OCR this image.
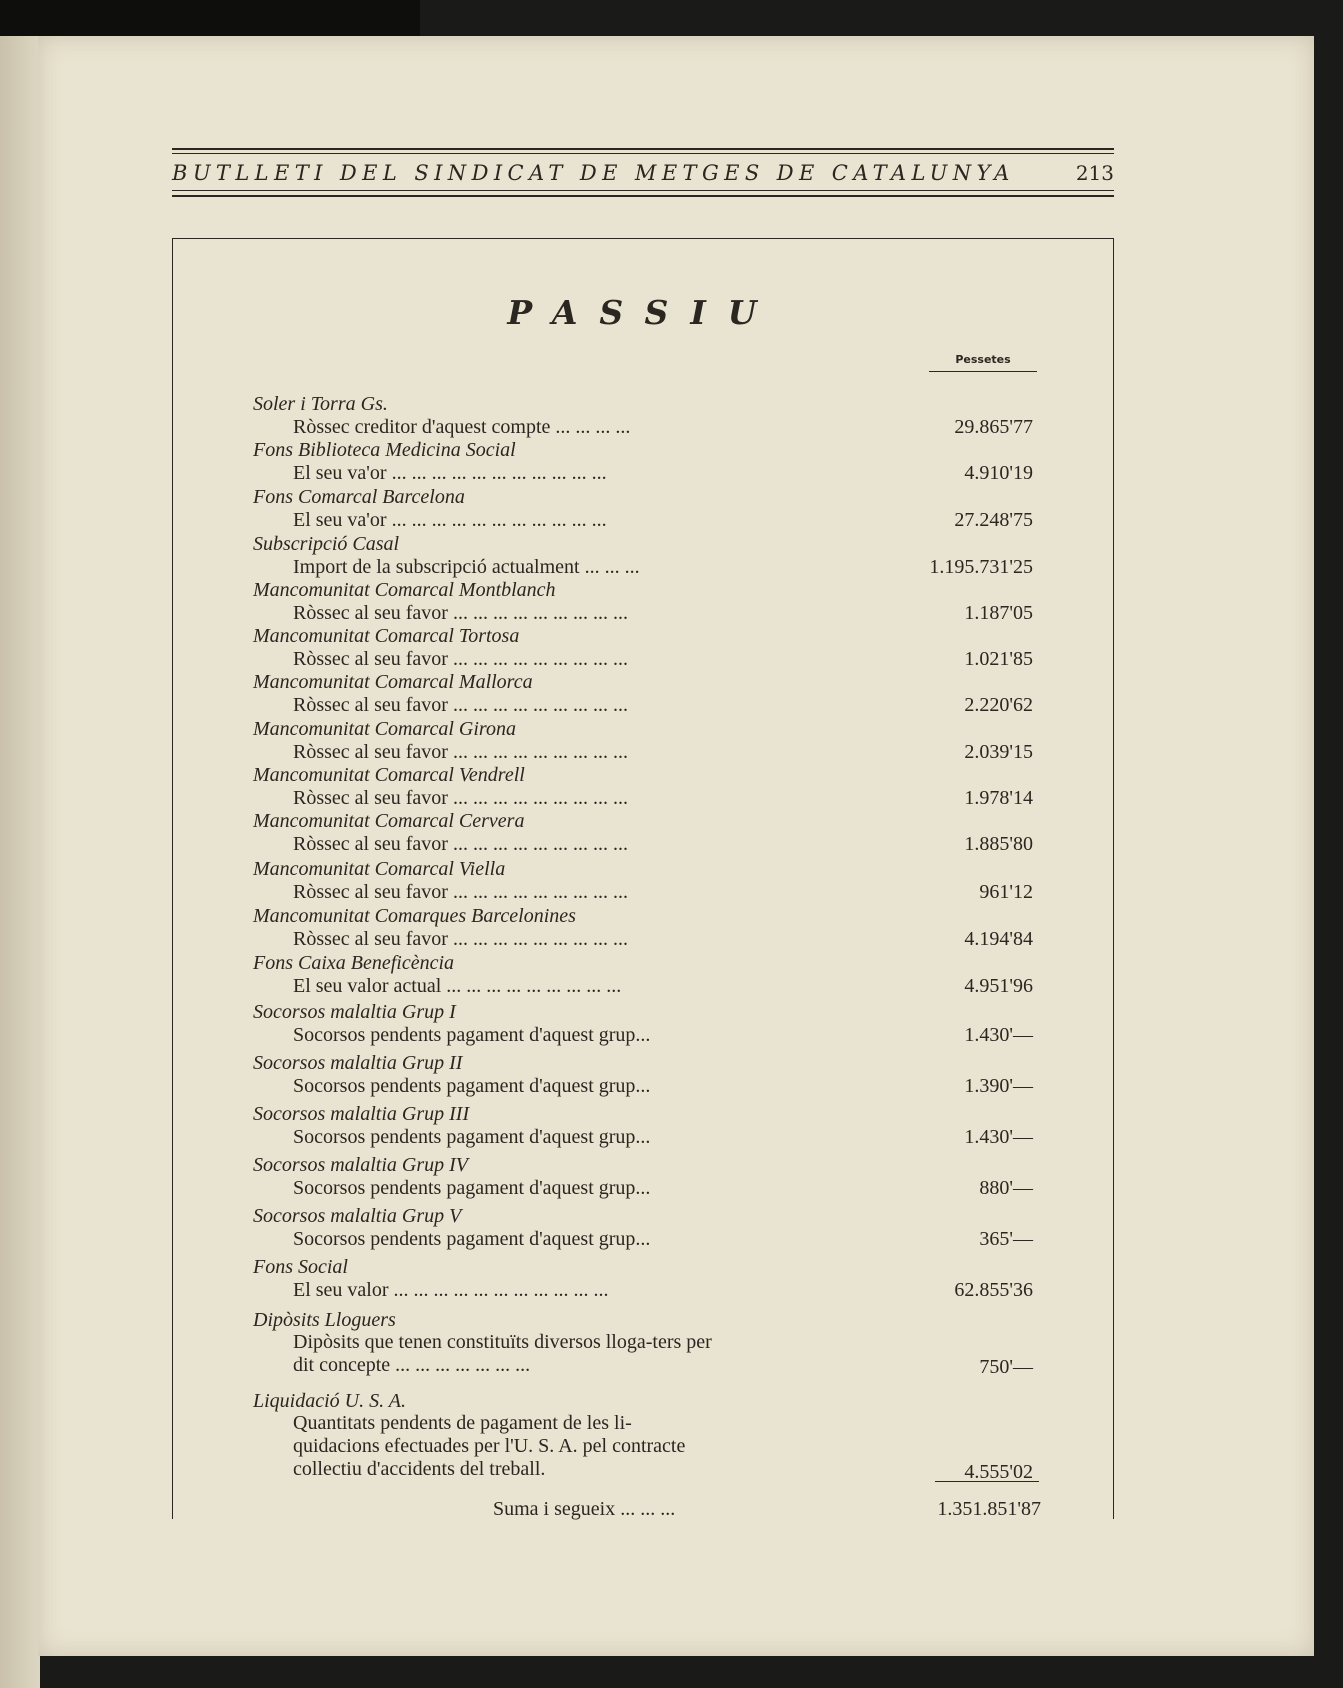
BUTLLETI DEL SINDICAT DE METGES DE CATALUNYA	213
PASSIU
Pessetes
Soler i Torra Gs.
Ròssec creditor d'aquest compte ... ... ... ...	29.865'77
Fons Biblioteca Medicina Social
El seu va'or ... ... ... ... ... ... ... ... ... ... ...	4.910'19
Fons Comarcal Barcelona
El seu va'or ... ... ... ... ... ... ... ... ... ... ...	27.248'75
Subscripció Casal
Import de la subscripció actualment ... ... ...	1.195.731'25
Mancomunitat Comarcal Montblanch
Ròssec al seu favor ... ... ... ... ... ... ... ... ...	1.187'05
Mancomunitat Comarcal Tortosa
Ròssec al seu favor ... ... ... ... ... ... ... ... ...	1.021'85
Mancomunitat Comarcal Mallorca
Ròssec al seu favor ... ... ... ... ... ... ... ... ...	2.220'62
Mancomunitat Comarcal Girona
Ròssec al seu favor ... ... ... ... ... ... ... ... ...	2.039'15
Mancomunitat Comarcal Vendrell
Ròssec al seu favor ... ... ... ... ... ... ... ... ...	1.978'14
Mancomunitat Comarcal Cervera
Ròssec al seu favor ... ... ... ... ... ... ... ... ...	1.885'80
Mancomunitat Comarcal Viella
Ròssec al seu favor ... ... ... ... ... ... ... ... ...	961'12
Mancomunitat Comarques Barcelonines
Ròssec al seu favor ... ... ... ... ... ... ... ... ...	4.194'84
Fons Caixa Beneficència
El seu valor actual ... ... ... ... ... ... ... ... ...	4.951'96
Socorsos malaltia Grup I
Socorsos pendents pagament d'aquest grup...	1.430'—
Socorsos malaltia Grup II
Socorsos pendents pagament d'aquest grup...	1.390'—
Socorsos malaltia Grup III
Socorsos pendents pagament d'aquest grup...	1.430'—
Socorsos malaltia Grup IV
Socorsos pendents pagament d'aquest grup...	880'—
Socorsos malaltia Grup V
Socorsos pendents pagament d'aquest grup...	365'—
Fons Social
El seu valor ... ... ... ... ... ... ... ... ... ... ...	62.855'36
Dipòsits Lloguers
Dipòsits que tenen constituïts diversos lloga-ters per dit concepte ... ... ... ... ... ... ...	750'—
Liquidació U. S. A.
Quantitats pendents de pagament de les li-quidacions efectuades per l'U. S. A. pel contracte collectiu d'accidents del treball.	4.555'02
Suma i segueix ... ... ...	1.351.851'87
